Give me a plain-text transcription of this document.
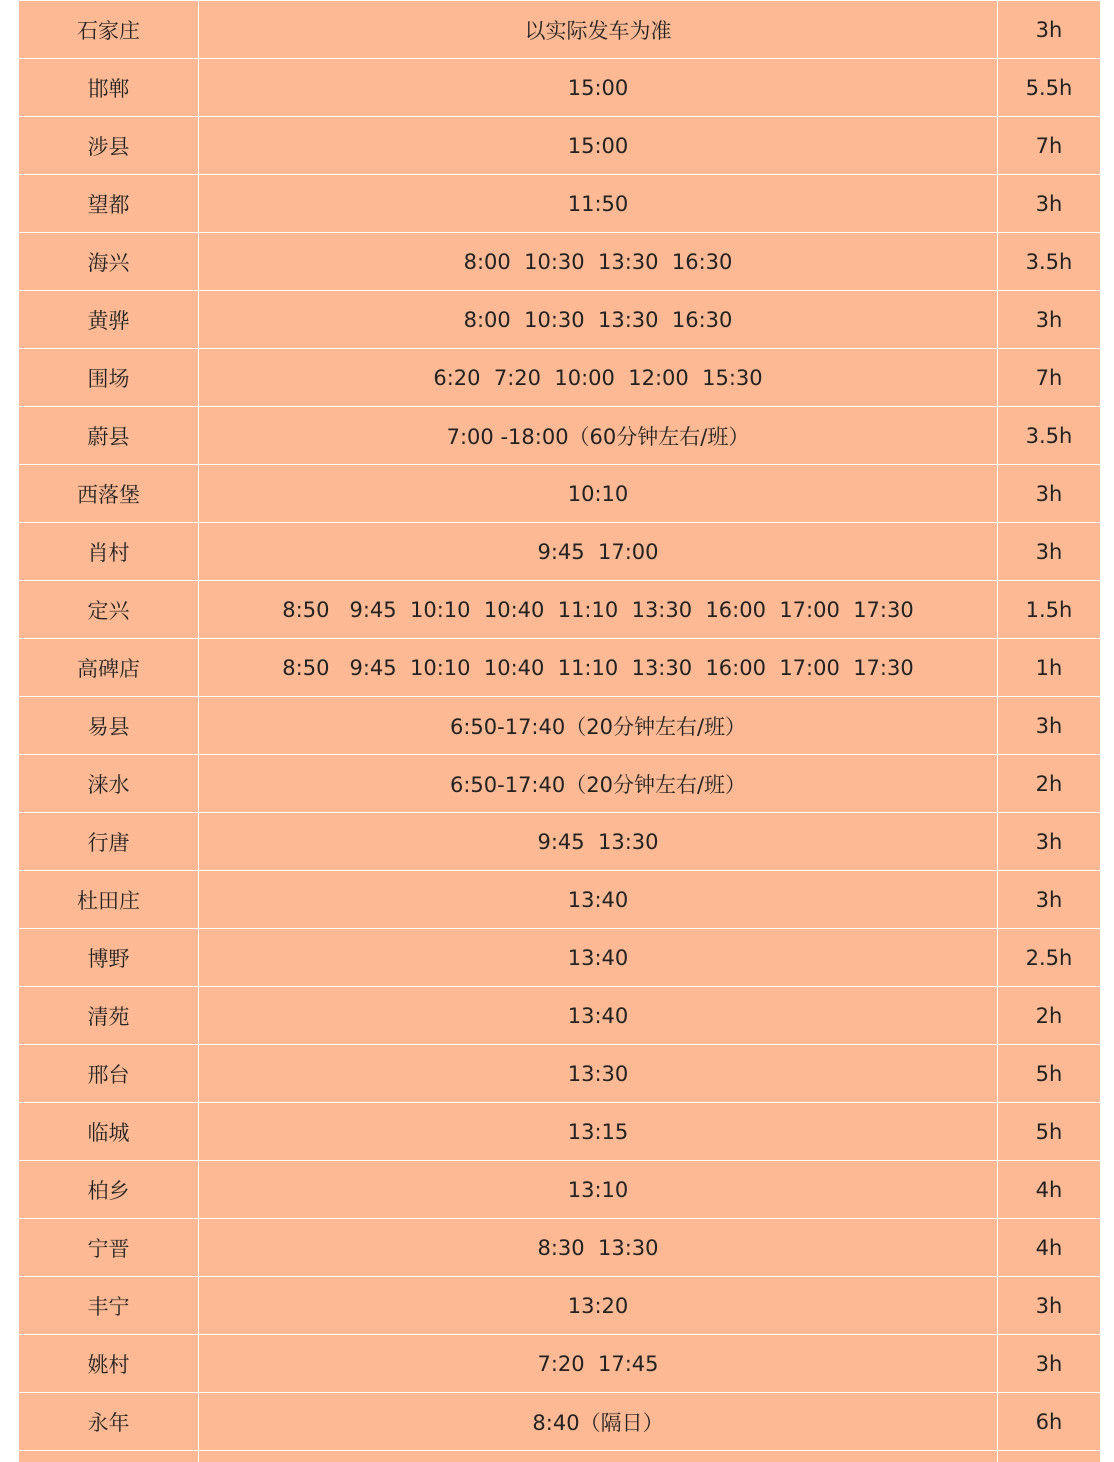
石家庄	以实际发车为准	3h
邯郸	15:00	5.5h
涉县	15:00	7h
望都	11:50	3h
海兴	8:00  10:30  13:30  16:30	3.5h
黄骅	8:00  10:30  13:30  16:30	3h
围场	6:20  7:20  10:00  12:00  15:30	7h
蔚县	7:00 -18:00（60分钟左右/班）	3.5h
西落堡	10:10	3h
肖村	9:45  17:00	3h
定兴	8:50   9:45  10:10  10:40  11:10  13:30  16:00  17:00  17:30	1.5h
高碑店	8:50   9:45  10:10  10:40  11:10  13:30  16:00  17:00  17:30	1h
易县	6:50-17:40（20分钟左右/班）	3h
涞水	6:50-17:40（20分钟左右/班）	2h
行唐	9:45  13:30	3h
杜田庄	13:40	3h
博野	13:40	2.5h
清苑	13:40	2h
邢台	13:30	5h
临城	13:15	5h
柏乡	13:10	4h
宁晋	8:30  13:30	4h
丰宁	13:20	3h
姚村	7:20  17:45	3h
永年	8:40（隔日）	6h
